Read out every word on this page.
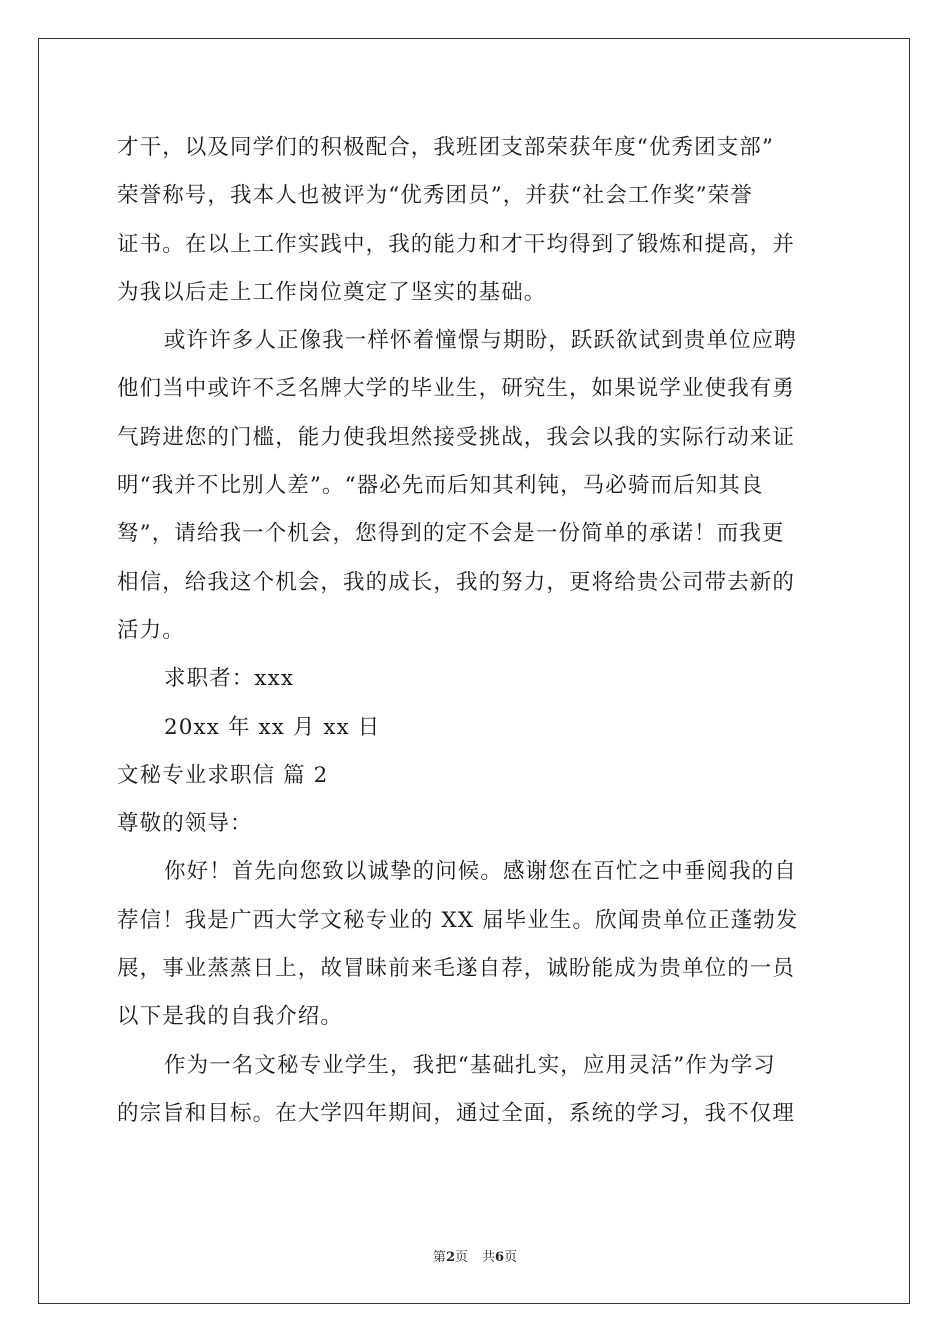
才干，以及同学们的积极配合，我班团支部荣获年度“优秀团支部”
荣誉称号，我本人也被评为“优秀团员”，并获“社会工作奖”荣誉
证书。在以上工作实践中，我的能力和才干均得到了锻炼和提高，并
为我以后走上工作岗位奠定了坚实的基础。
或许许多人正像我一样怀着憧憬与期盼，跃跃欲试到贵单位应聘
他们当中或许不乏名牌大学的毕业生，研究生，如果说学业使我有勇
气跨进您的门槛，能力使我坦然接受挑战，我会以我的实际行动来证
明“我并不比别人差”。“器必先而后知其利钝，马必骑而后知其良
驽”，请给我一个机会，您得到的定不会是一份简单的承诺！而我更
相信，给我这个机会，我的成长，我的努力，更将给贵公司带去新的
活力。
求职者：xxx
20xx 年 xx 月 xx 日
文秘专业求职信 篇 2
尊敬的领导：
你好！首先向您致以诚挚的问候。感谢您在百忙之中垂阅我的自
荐信！我是广西大学文秘专业的 XX 届毕业生。欣闻贵单位正蓬勃发
展，事业蒸蒸日上，故冒昧前来毛遂自荐，诚盼能成为贵单位的一员
以下是我的自我介绍。
作为一名文秘专业学生，我把“基础扎实，应用灵活”作为学习
的宗旨和目标。在大学四年期间，通过全面，系统的学习，我不仅理
第2页 共6页
